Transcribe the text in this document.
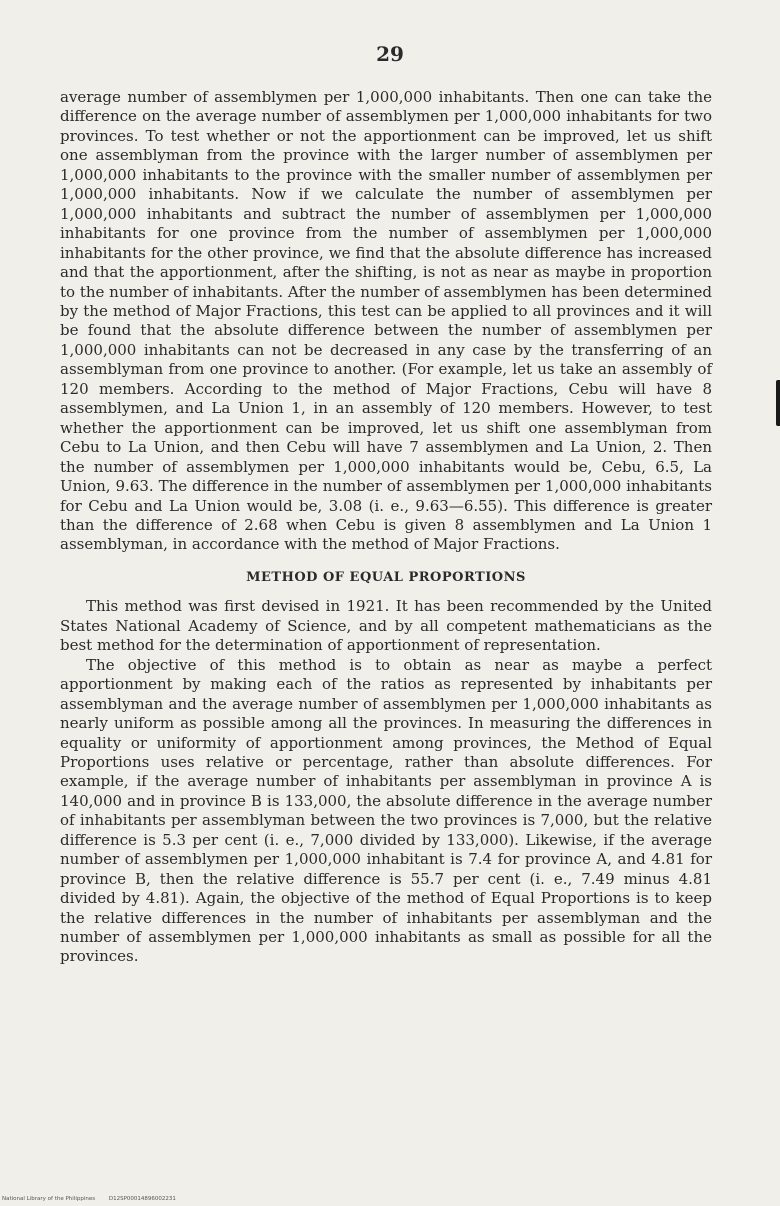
29

average number of assemblymen per 1,000,000 inhabitants. Then one can take the difference on the average number of assemblymen per 1,000,000 inhabitants for two provinces. To test whether or not the apportionment can be improved, let us shift one assemblyman from the province with the larger number of assemblymen per 1,000,000 inhabitants to the province with the smaller number of assemblymen per 1,000,000 inhabitants. Now if we calculate the number of assemblymen per 1,000,000 inhabitants and subtract the number of assemblymen per 1,000,000 inhabitants for one province from the number of assemblymen per 1,000,000 inhabitants for the other province, we find that the absolute difference has increased and that the apportionment, after the shifting, is not as near as maybe in proportion to the number of inhabitants. After the number of assemblymen has been determined by the method of Major Fractions, this test can be applied to all provinces and it will be found that the absolute difference between the number of assemblymen per 1,000,000 inhabitants can not be decreased in any case by the transferring of an assemblyman from one province to another. (For example, let us take an assembly of 120 members. According to the method of Major Fractions, Cebu will have 8 assemblymen, and La Union 1, in an assembly of 120 members. However, to test whether the apportionment can be improved, let us shift one assemblyman from Cebu to La Union, and then Cebu will have 7 assemblymen and La Union, 2. Then the number of assemblymen per 1,000,000 inhabitants would be, Cebu, 6.5, La Union, 9.63. The difference in the number of assemblymen per 1,000,000 inhabitants for Cebu and La Union would be, 3.08 (i. e., 9.63—6.55). This difference is greater than the difference of 2.68 when Cebu is given 8 assemblymen and La Union 1 assemblyman, in accordance with the method of Major Fractions.

METHOD OF EQUAL PROPORTIONS

This method was first devised in 1921. It has been recommended by the United States National Academy of Science, and by all competent mathematicians as the best method for the determination of apportionment of representation.

The objective of this method is to obtain as near as maybe a perfect apportionment by making each of the ratios as represented by inhabitants per assemblyman and the average number of assemblymen per 1,000,000 inhabitants as nearly uniform as possible among all the provinces. In measuring the differences in equality or uniformity of apportionment among provinces, the Method of Equal Proportions uses relative or percentage, rather than absolute differences. For example, if the average number of inhabitants per assemblyman in province A is 140,000 and in province B is 133,000, the absolute difference in the average number of inhabitants per assemblyman between the two provinces is 7,000, but the relative difference is 5.3 per cent (i. e., 7,000 divided by 133,000). Likewise, if the average number of assemblymen per 1,000,000 inhabitant is 7.4 for province A, and 4.81 for province B, then the relative difference is 55.7 per cent (i. e., 7.49 minus 4.81 divided by 4.81). Again, the objective of the method of Equal Proportions is to keep the relative differences in the number of inhabitants per assemblyman and the number of assemblymen per 1,000,000 inhabitants as small as possible for all the provinces.

National Library of the Philippines	D12SP00014896002231
